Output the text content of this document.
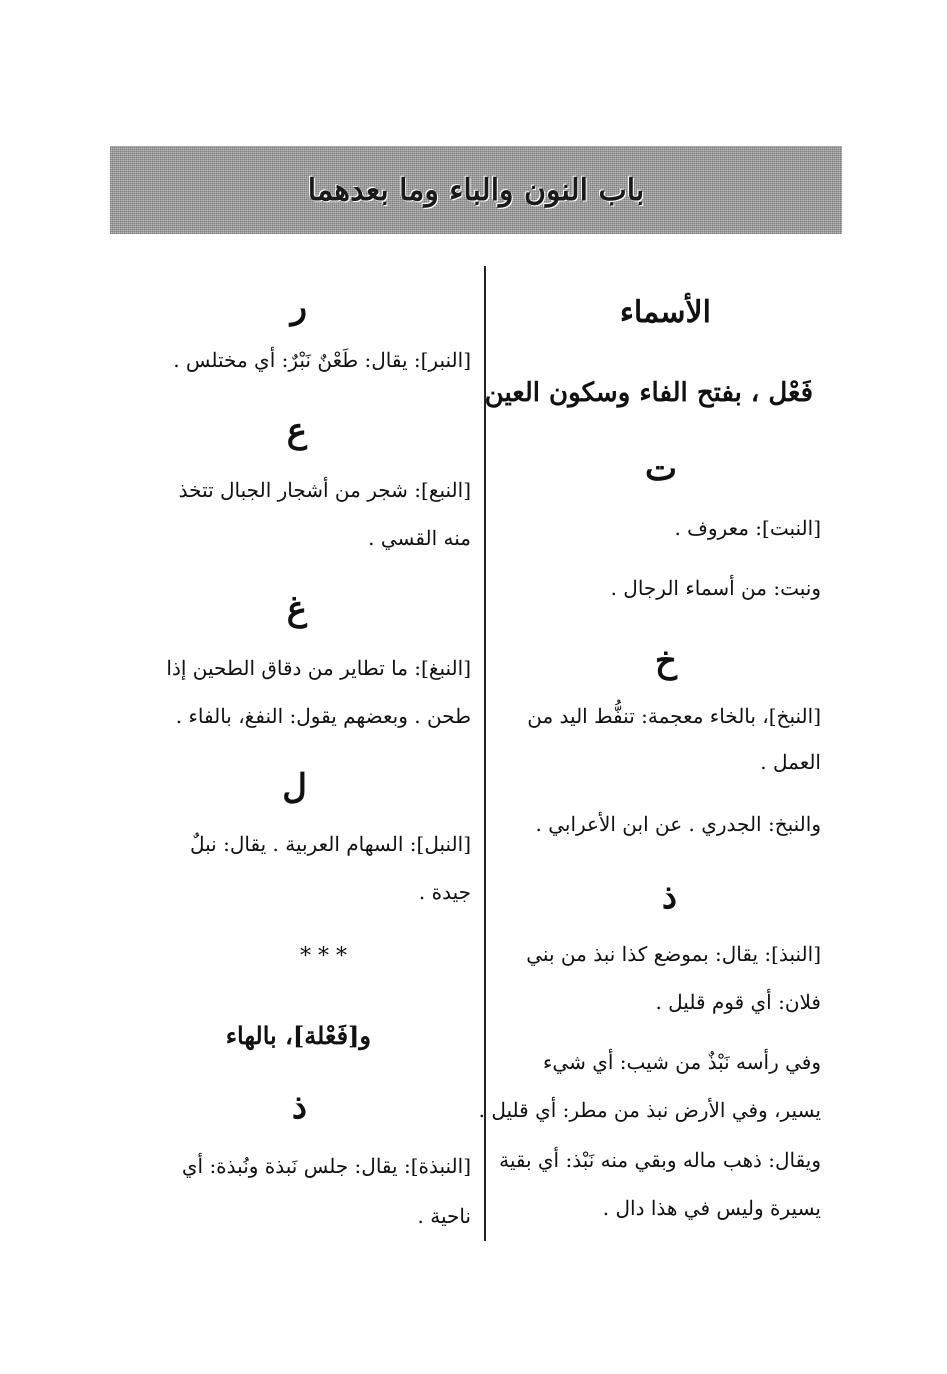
باب النون والباء وما بعدهما
الأسماء
فَعْل ، بفتح الفاء وسكون العين
ت
[النبت]: معروف .
ونبت: من أسماء الرجال .
خ
[النبخ]، بالخاء معجمة: تنفُّط اليد من
العمل .
والنبخ: الجدري . عن ابن الأعرابي .
ذ
[النبذ]: يقال: بموضع كذا نبذ من بني
فلان: أي قوم قليل .
وفي رأسه نَبْذٌ من شيب: أي شيء
يسير، وفي الأرض نبذ من مطر: أي قليل .
ويقال: ذهب ماله وبقي منه نَبْذ: أي بقية
يسيرة وليس في هذا دال .
ر
[النبر]: يقال: طَعْنٌ نَبْرٌ: أي مختلس .
ع
[النبع]: شجر من أشجار الجبال تتخذ
منه القسي .
غ
[النبغ]: ما تطاير من دقاق الطحين إذا
طحن . وبعضهم يقول: النفغ، بالفاء .
ل
[النبل]: السهام العربية . يقال: نبلٌ
جيدة .
* * *
و[فَعْلة]، بالهاء
ذ
[النبذة]: يقال: جلس نَبذة ونُبذة: أي
ناحية .
